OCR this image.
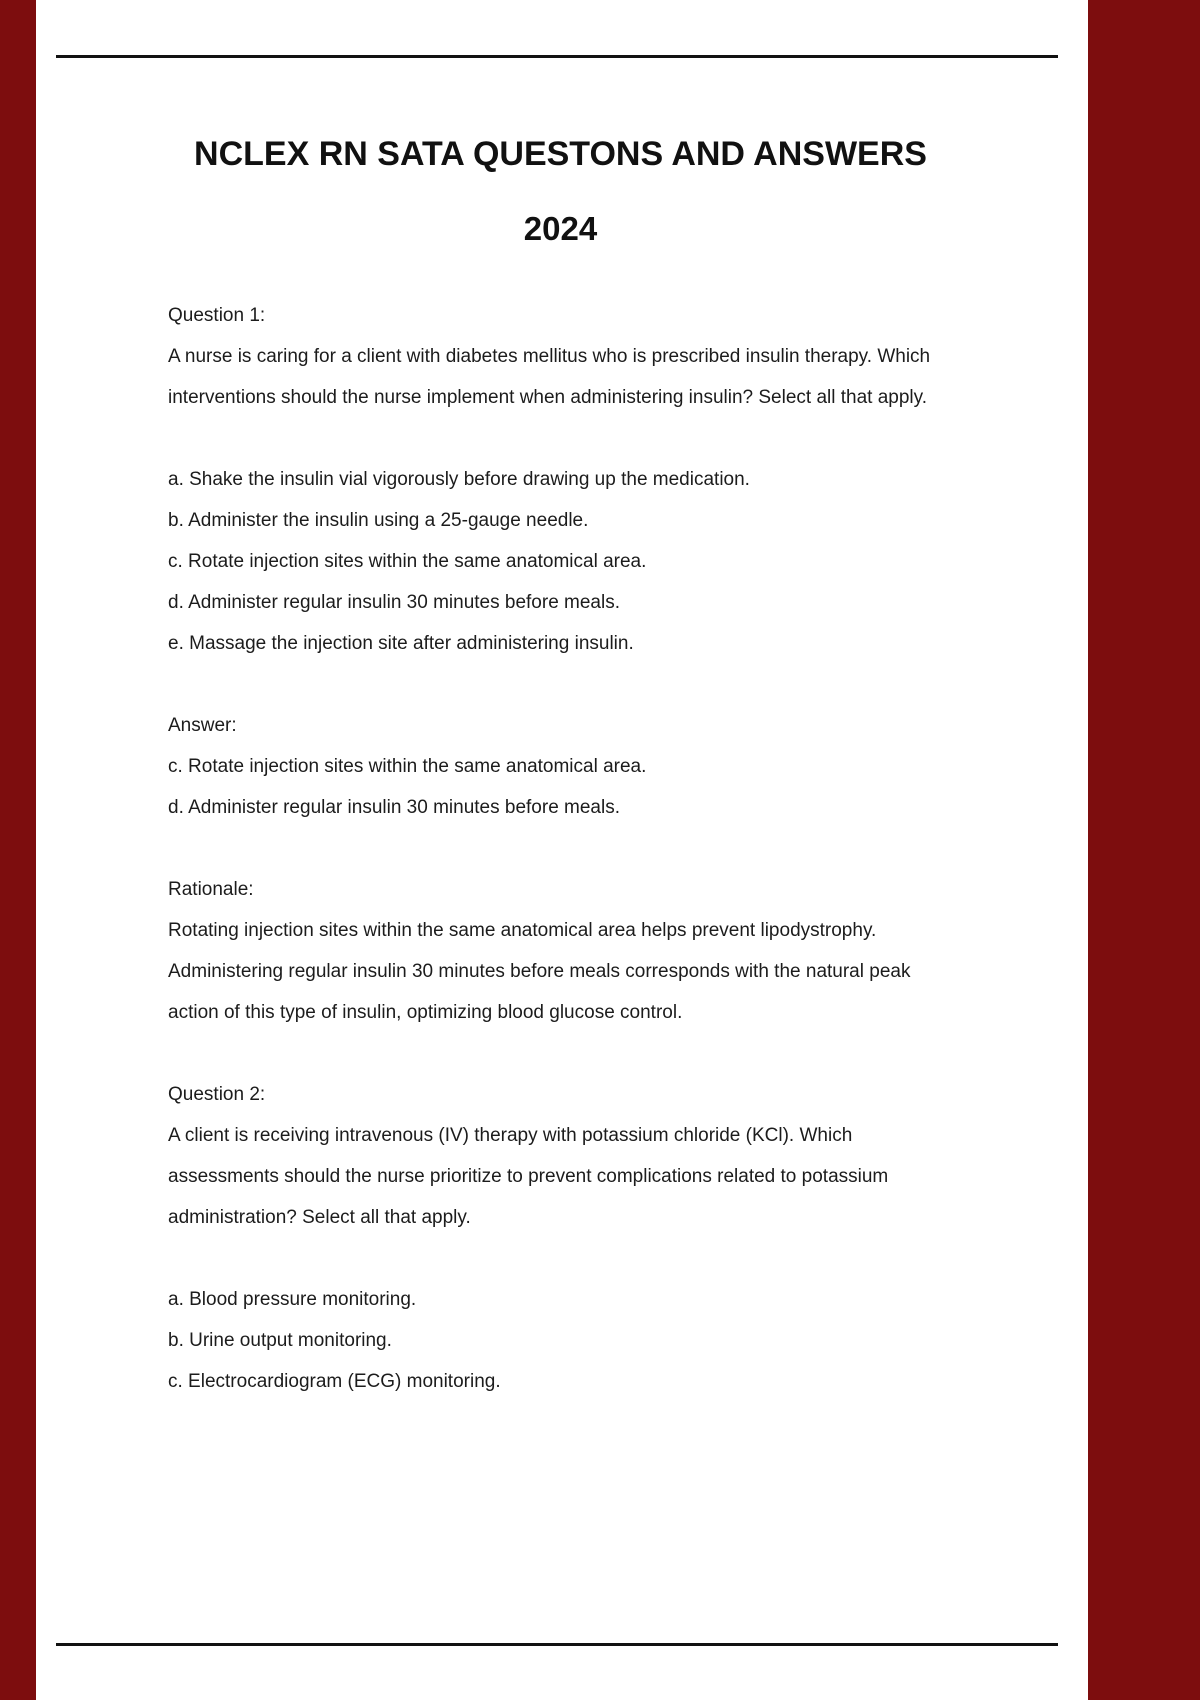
NCLEX RN SATA QUESTONS AND ANSWERS
2024
Question 1:
A nurse is caring for a client with diabetes mellitus who is prescribed insulin therapy. Which interventions should the nurse implement when administering insulin? Select all that apply.
a. Shake the insulin vial vigorously before drawing up the medication.
b. Administer the insulin using a 25-gauge needle.
c. Rotate injection sites within the same anatomical area.
d. Administer regular insulin 30 minutes before meals.
e. Massage the injection site after administering insulin.
Answer:
c. Rotate injection sites within the same anatomical area.
d. Administer regular insulin 30 minutes before meals.
Rationale:
Rotating injection sites within the same anatomical area helps prevent lipodystrophy. Administering regular insulin 30 minutes before meals corresponds with the natural peak action of this type of insulin, optimizing blood glucose control.
Question 2:
A client is receiving intravenous (IV) therapy with potassium chloride (KCl). Which assessments should the nurse prioritize to prevent complications related to potassium administration? Select all that apply.
a. Blood pressure monitoring.
b. Urine output monitoring.
c. Electrocardiogram (ECG) monitoring.
